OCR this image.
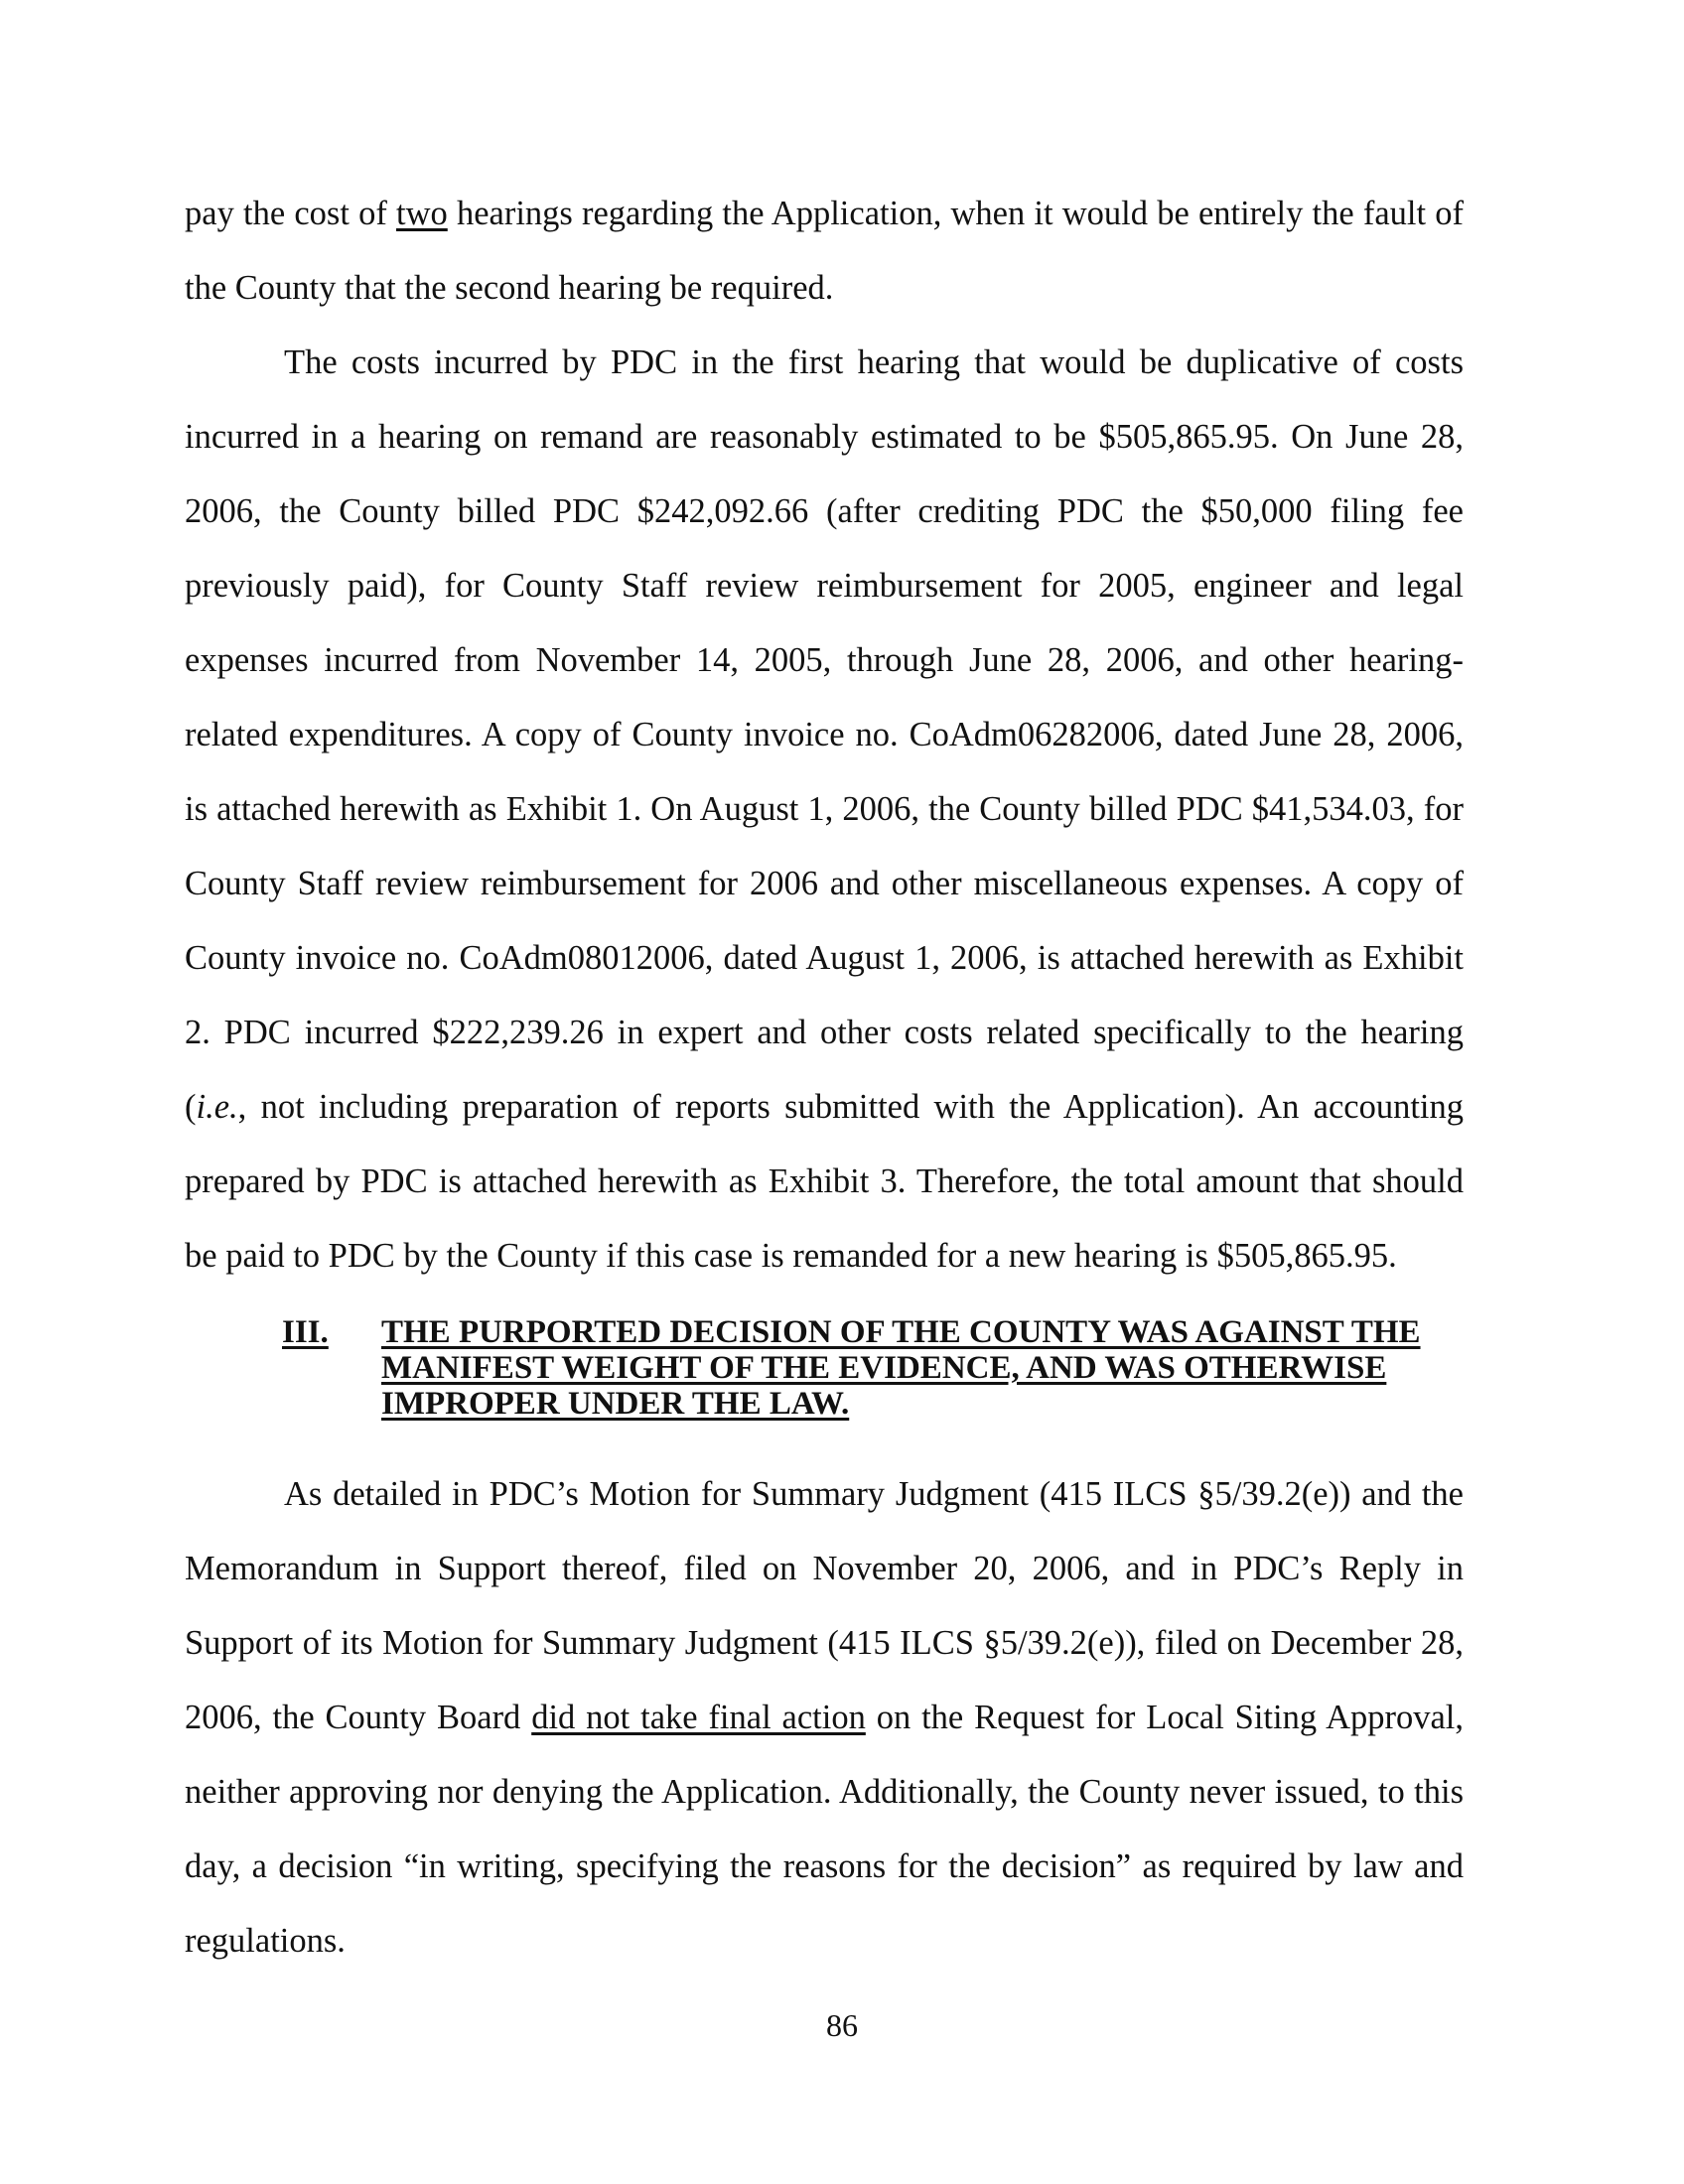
pay the cost of two hearings regarding the Application, when it would be entirely the fault of the County that the second hearing be required.

The costs incurred by PDC in the first hearing that would be duplicative of costs incurred in a hearing on remand are reasonably estimated to be $505,865.95. On June 28, 2006, the County billed PDC $242,092.66 (after crediting PDC the $50,000 filing fee previously paid), for County Staff review reimbursement for 2005, engineer and legal expenses incurred from November 14, 2005, through June 28, 2006, and other hearing-related expenditures. A copy of County invoice no. CoAdm06282006, dated June 28, 2006, is attached herewith as Exhibit 1. On August 1, 2006, the County billed PDC $41,534.03, for County Staff review reimbursement for 2006 and other miscellaneous expenses. A copy of County invoice no. CoAdm08012006, dated August 1, 2006, is attached herewith as Exhibit 2. PDC incurred $222,239.26 in expert and other costs related specifically to the hearing (i.e., not including preparation of reports submitted with the Application). An accounting prepared by PDC is attached herewith as Exhibit 3. Therefore, the total amount that should be paid to PDC by the County if this case is remanded for a new hearing is $505,865.95.

III.	THE PURPORTED DECISION OF THE COUNTY WAS AGAINST THE
MANIFEST WEIGHT OF THE EVIDENCE, AND WAS OTHERWISE
IMPROPER UNDER THE LAW.

As detailed in PDC’s Motion for Summary Judgment (415 ILCS §5/39.2(e)) and the Memorandum in Support thereof, filed on November 20, 2006, and in PDC’s Reply in Support of its Motion for Summary Judgment (415 ILCS §5/39.2(e)), filed on December 28, 2006, the County Board did not take final action on the Request for Local Siting Approval, neither approving nor denying the Application. Additionally, the County never issued, to this day, a decision “in writing, specifying the reasons for the decision” as required by law and regulations.

86
